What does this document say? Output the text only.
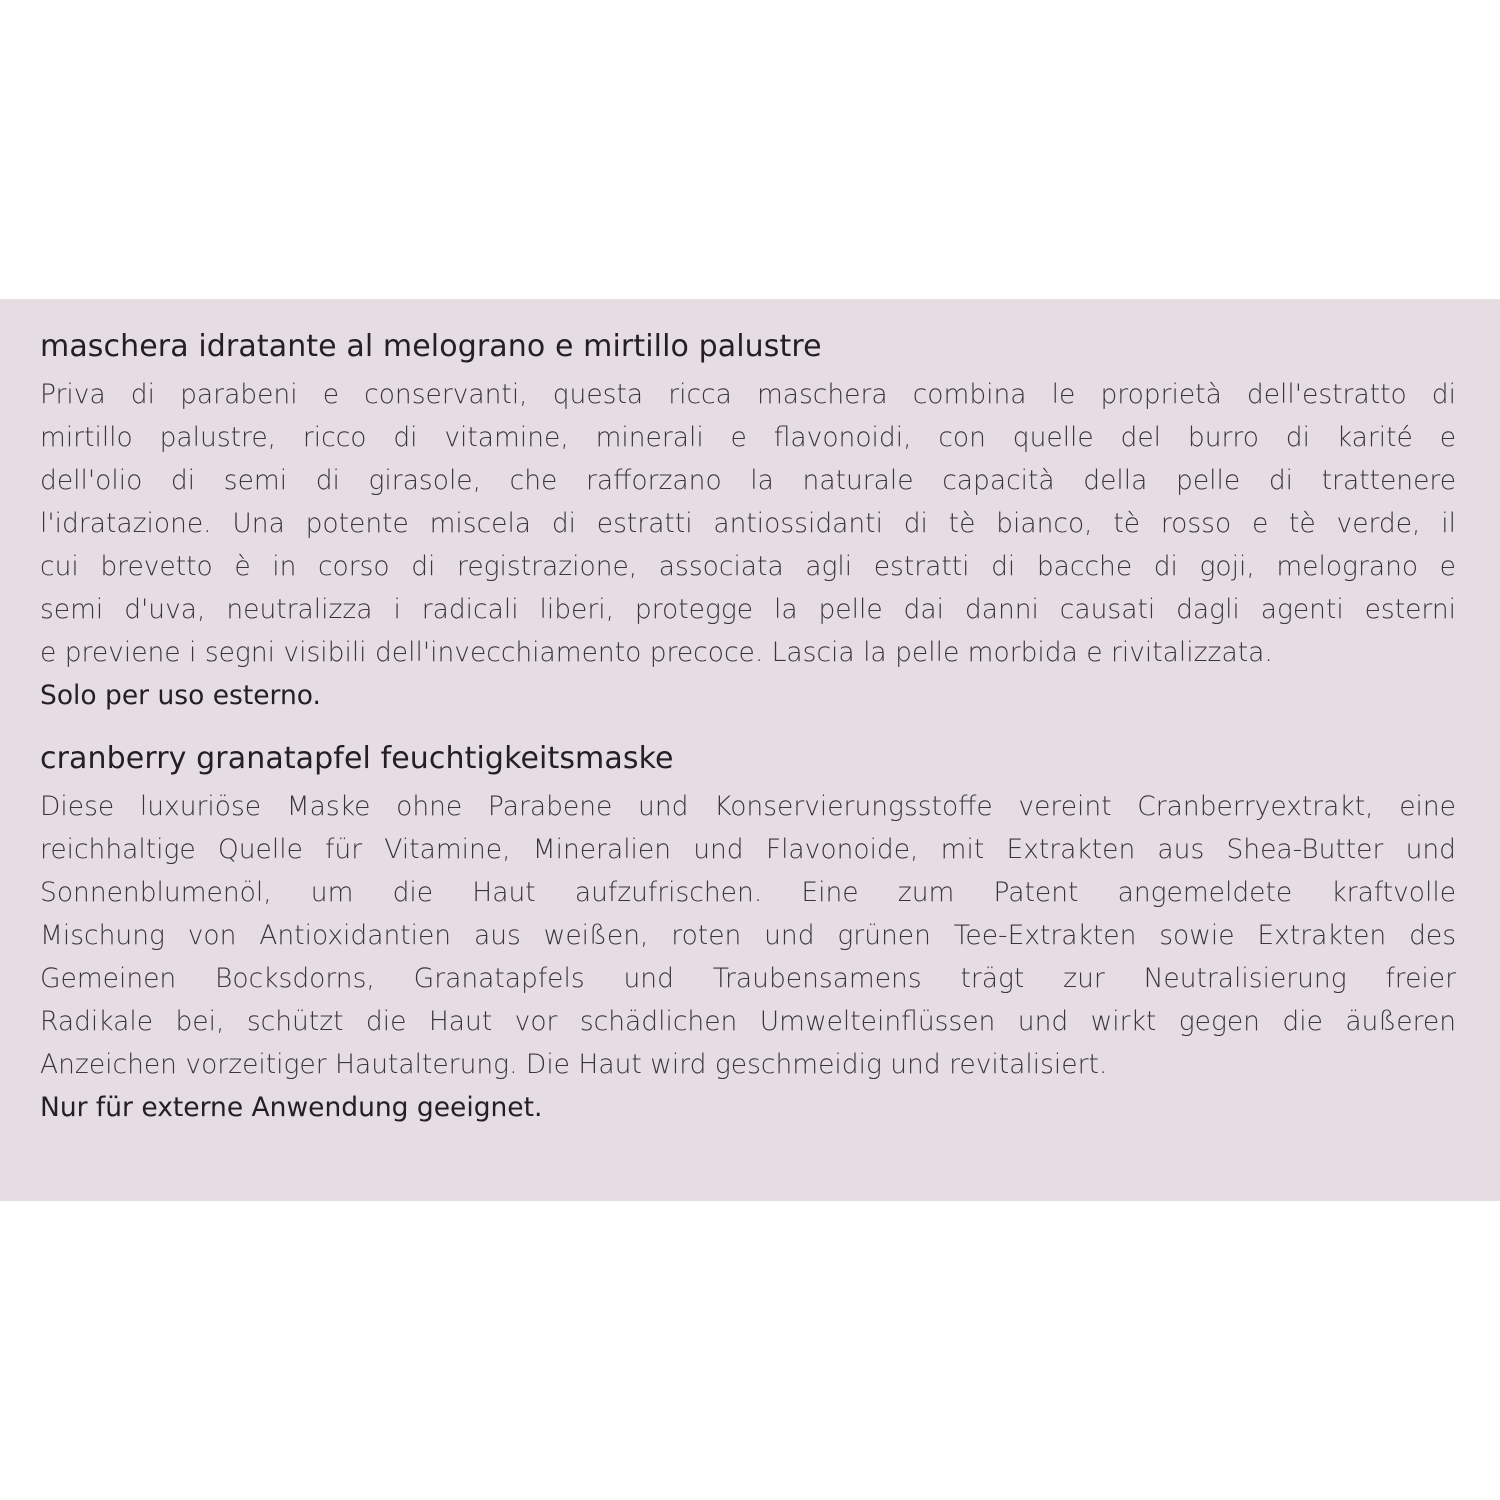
maschera idratante al melograno e mirtillo palustre
Priva di parabeni e conservanti, questa ricca maschera combina le proprietà dell'estratto di
mirtillo palustre, ricco di vitamine, minerali e flavonoidi, con quelle del burro di karité e
dell'olio di semi di girasole, che rafforzano la naturale capacità della pelle di trattenere
l'idratazione. Una potente miscela di estratti antiossidanti di tè bianco, tè rosso e tè verde, il
cui brevetto è in corso di registrazione, associata agli estratti di bacche di goji, melograno e
semi d'uva, neutralizza i radicali liberi, protegge la pelle dai danni causati dagli agenti esterni
e previene i segni visibili dell'invecchiamento precoce. Lascia la pelle morbida e rivitalizzata.
Solo per uso esterno.
cranberry granatapfel feuchtigkeitsmaske
Diese luxuriöse Maske ohne Parabene und Konservierungsstoffe vereint Cranberryextrakt, eine
reichhaltige Quelle für Vitamine, Mineralien und Flavonoide, mit Extrakten aus Shea-Butter und
Sonnenblumenöl, um die Haut aufzufrischen. Eine zum Patent angemeldete kraftvolle
Mischung von Antioxidantien aus weißen, roten und grünen Tee-Extrakten sowie Extrakten des
Gemeinen Bocksdorns, Granatapfels und Traubensamens trägt zur Neutralisierung freier
Radikale bei, schützt die Haut vor schädlichen Umwelteinflüssen und wirkt gegen die äußeren
Anzeichen vorzeitiger Hautalterung. Die Haut wird geschmeidig und revitalisiert.
Nur für externe Anwendung geeignet.
